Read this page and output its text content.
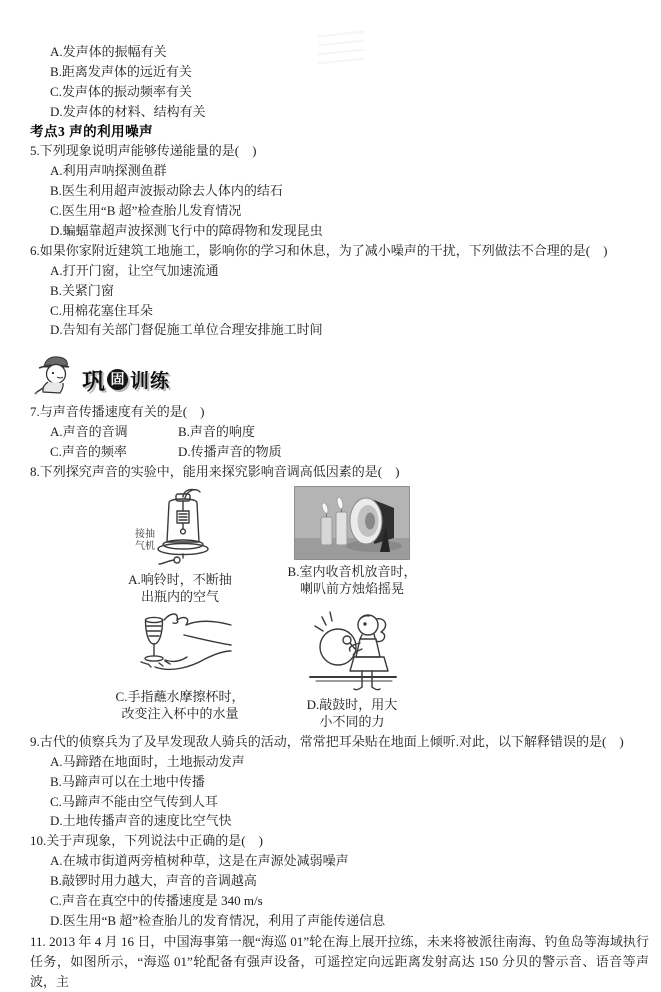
A.发声体的振幅有关
B.距离发声体的远近有关
C.发声体的振动频率有关
D.发声体的材料、结构有关
考点3 声的利用噪声
5.下列现象说明声能够传递能量的是(　)
A.利用声呐探测鱼群
B.医生利用超声波振动除去人体内的结石
C.医生用“B 超”检查胎儿发育情况
D.蝙蝠靠超声波探测飞行中的障碍物和发现昆虫
6.如果你家附近建筑工地施工，影响你的学习和休息，为了减小噪声的干扰，下列做法不合理的是(　)
A.打开门窗，让空气加速流通
B.关紧门窗
C.用棉花塞住耳朵
D.告知有关部门督促施工单位合理安排施工时间
巩 固 训练
7.与声音传播速度有关的是(　)
A.声音的音调	B.声音的响度
C.声音的频率	D.传播声音的物质
8.下列探究声音的实验中，能用来探究影响音调高低因素的是(　)
接抽
气机
A.响铃时，不断抽
出瓶内的空气
B.室内收音机放音时，
喇叭前方烛焰摇晃
C.手指蘸水摩擦杯时，
改变注入杯中的水量
D.敲鼓时，用大
小不同的力
9.古代的侦察兵为了及早发现敌人骑兵的活动，常常把耳朵贴在地面上倾听.对此，以下解释错误的是(　)
A.马蹄踏在地面时，土地振动发声
B.马蹄声可以在土地中传播
C.马蹄声不能由空气传到人耳
D.土地传播声音的速度比空气快
10.关于声现象，下列说法中正确的是(　)
A.在城市街道两旁植树种草，这是在声源处减弱噪声
B.敲锣时用力越大，声音的音调越高
C.声音在真空中的传播速度是 340 m/s
D.医生用“B 超”检查胎儿的发育情况，利用了声能传递信息
11. 2013 年 4 月 16 日，中国海事第一舰“海巡 01”轮在海上展开拉练，未来将被派往南海、钓鱼岛等海域执行任务，如图所示，“海巡 01”轮配备有强声设备，可遥控定向远距离发射高达 150 分贝的警示音、语音等声波，主
